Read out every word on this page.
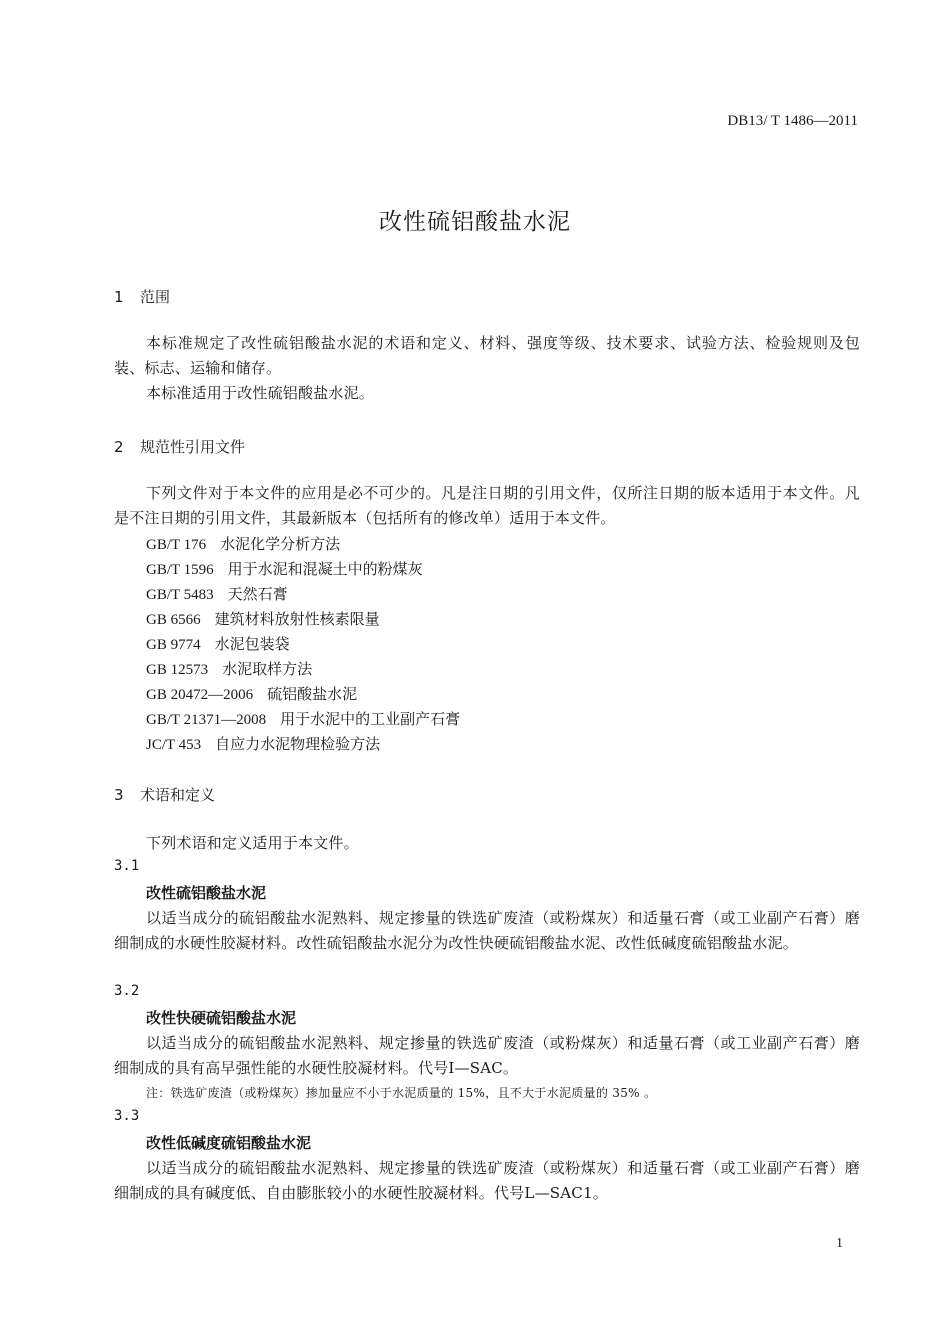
DB13/ T 1486—2011
改性硫铝酸盐水泥
1 范围
本标准规定了改性硫铝酸盐水泥的术语和定义、材料、强度等级、技术要求、试验方法、检验规则及包装、标志、运输和储存。
本标准适用于改性硫铝酸盐水泥。
2 规范性引用文件
下列文件对于本文件的应用是必不可少的。凡是注日期的引用文件，仅所注日期的版本适用于本文件。凡是不注日期的引用文件，其最新版本（包括所有的修改单）适用于本文件。
GB/T 176 水泥化学分析方法
GB/T 1596 用于水泥和混凝土中的粉煤灰
GB/T 5483 天然石膏
GB 6566 建筑材料放射性核素限量
GB 9774 水泥包装袋
GB 12573 水泥取样方法
GB 20472—2006 硫铝酸盐水泥
GB/T 21371—2008 用于水泥中的工业副产石膏
JC/T 453 自应力水泥物理检验方法
3 术语和定义
下列术语和定义适用于本文件。
3.1
改性硫铝酸盐水泥
以适当成分的硫铝酸盐水泥熟料、规定掺量的铁选矿废渣（或粉煤灰）和适量石膏（或工业副产石膏）磨细制成的水硬性胶凝材料。改性硫铝酸盐水泥分为改性快硬硫铝酸盐水泥、改性低碱度硫铝酸盐水泥。
3.2
改性快硬硫铝酸盐水泥
以适当成分的硫铝酸盐水泥熟料、规定掺量的铁选矿废渣（或粉煤灰）和适量石膏（或工业副产石膏）磨细制成的具有高早强性能的水硬性胶凝材料。代号I—SAC。
注：铁选矿废渣（或粉煤灰）掺加量应不小于水泥质量的 15%，且不大于水泥质量的 35% 。
3.3
改性低碱度硫铝酸盐水泥
以适当成分的硫铝酸盐水泥熟料、规定掺量的铁选矿废渣（或粉煤灰）和适量石膏（或工业副产石膏）磨细制成的具有碱度低、自由膨胀较小的水硬性胶凝材料。代号L—SAC1。
1
